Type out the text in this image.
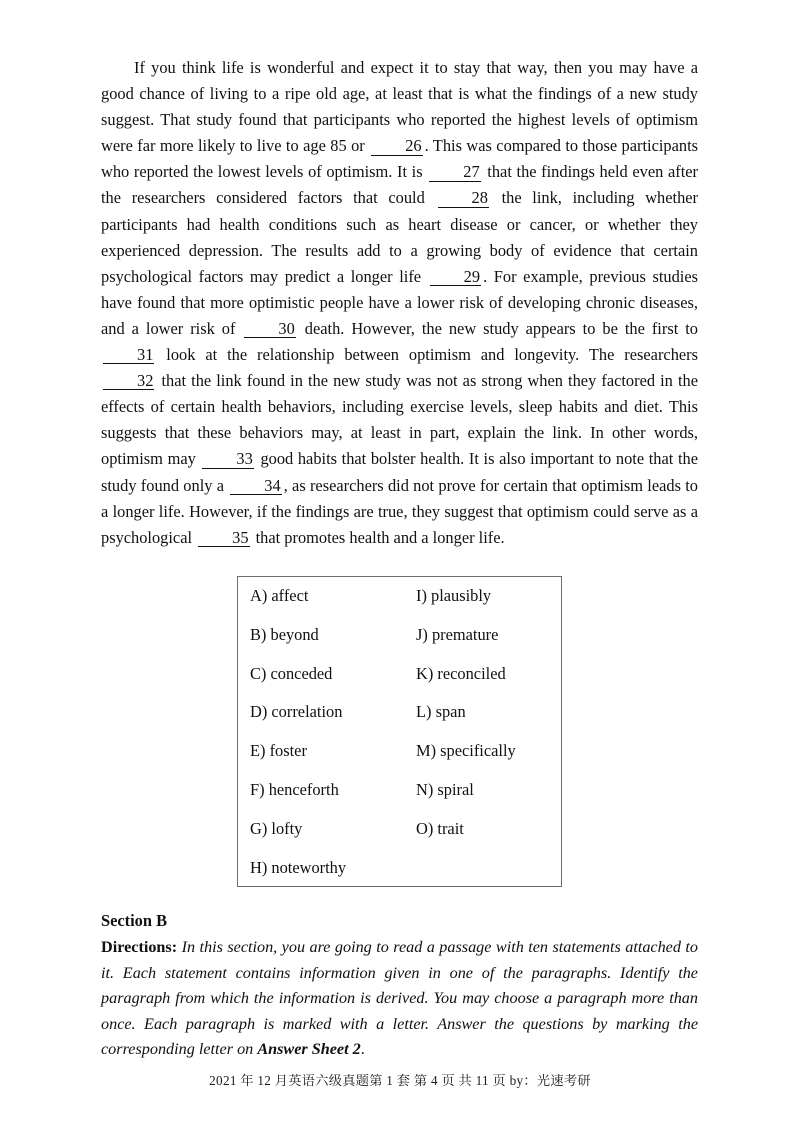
If you think life is wonderful and expect it to stay that way, then you may have a good chance of living to a ripe old age, at least that is what the findings of a new study suggest. That study found that participants who reported the highest levels of optimism were far more likely to live to age 85 or 26 . This was compared to those participants who reported the lowest levels of optimism. It is 27 that the findings held even after the researchers considered factors that could 28 the link, including whether participants had health conditions such as heart disease or cancer, or whether they experienced depression. The results add to a growing body of evidence that certain psychological factors may predict a longer life 29 . For example, previous studies have found that more optimistic people have a lower risk of developing chronic diseases, and a lower risk of 30 death. However, the new study appears to be the first to 31 look at the relationship between optimism and longevity. The researchers 32 that the link found in the new study was not as strong when they factored in the effects of certain health behaviors, including exercise levels, sleep habits and diet. This suggests that these behaviors may, at least in part, explain the link. In other words, optimism may 33 good habits that bolster health. It is also important to note that the study found only a 34 , as researchers did not prove for certain that optimism leads to a longer life. However, if the findings are true, they suggest that optimism could serve as a psychological 35 that promotes health and a longer life.
A) affect
B) beyond
C) conceded
D) correlation
E) foster
F) henceforth
G) lofty
H) noteworthy
I) plausibly
J) premature
K) reconciled
L) span
M) specifically
N) spiral
O) trait
Section B
Directions: In this section, you are going to read a passage with ten statements attached to it. Each statement contains information given in one of the paragraphs. Identify the paragraph from which the information is derived. You may choose a paragraph more than once. Each paragraph is marked with a letter. Answer the questions by marking the corresponding letter on Answer Sheet 2.
2021 年 12 月英语六级真题第 1 套 第 4 页 共 11 页 by：光速考研
